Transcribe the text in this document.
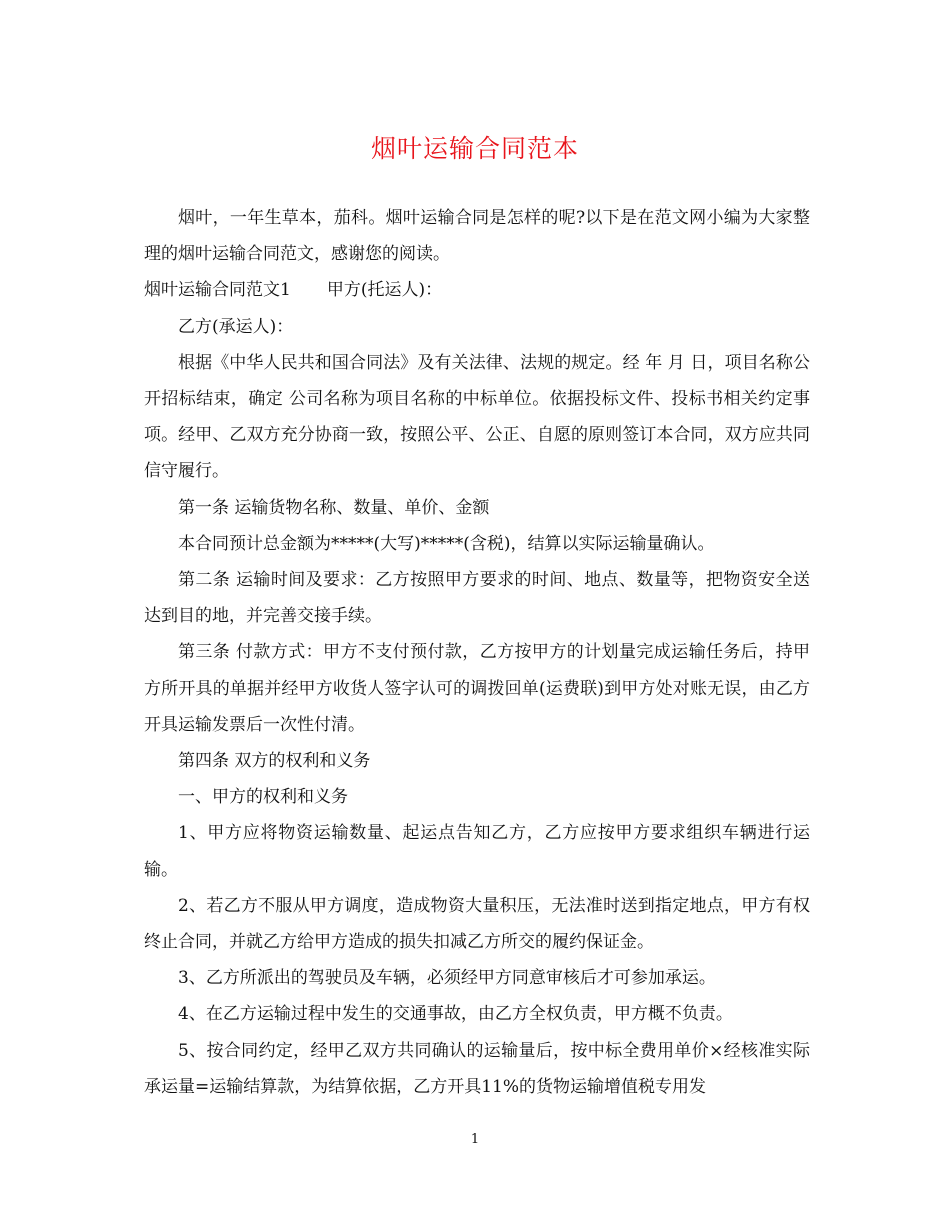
烟叶运输合同范本

烟叶，一年生草本，茄科。烟叶运输合同是怎样的呢?以下是在范文网小编为大家整理的烟叶运输合同范文，感谢您的阅读。

烟叶运输合同范文1 甲方(托运人)：

乙方(承运人)：

根据《中华人民共和国合同法》及有关法律、法规的规定。经 年 月 日，项目名称公开招标结束，确定 公司名称为项目名称的中标单位。依据投标文件、投标书相关约定事项。经甲、乙双方充分协商一致，按照公平、公正、自愿的原则签订本合同，双方应共同信守履行。

第一条 运输货物名称、数量、单价、金额

本合同预计总金额为*****(大写)*****(含税)，结算以实际运输量确认。

第二条 运输时间及要求：乙方按照甲方要求的时间、地点、数量等，把物资安全送达到目的地，并完善交接手续。

第三条 付款方式：甲方不支付预付款，乙方按甲方的计划量完成运输任务后，持甲方所开具的单据并经甲方收货人签字认可的调拨回单(运费联)到甲方处对账无误，由乙方开具运输发票后一次性付清。

第四条 双方的权利和义务

一、甲方的权利和义务

1、甲方应将物资运输数量、起运点告知乙方，乙方应按甲方要求组织车辆进行运输。

2、若乙方不服从甲方调度，造成物资大量积压，无法准时送到指定地点，甲方有权终止合同，并就乙方给甲方造成的损失扣减乙方所交的履约保证金。

3、乙方所派出的驾驶员及车辆，必须经甲方同意审核后才可参加承运。

4、在乙方运输过程中发生的交通事故，由乙方全权负责，甲方概不负责。

5、按合同约定，经甲乙双方共同确认的运输量后，按中标全费用单价×经核准实际承运量=运输结算款，为结算依据，乙方开具11%的货物运输增值税专用发

1
